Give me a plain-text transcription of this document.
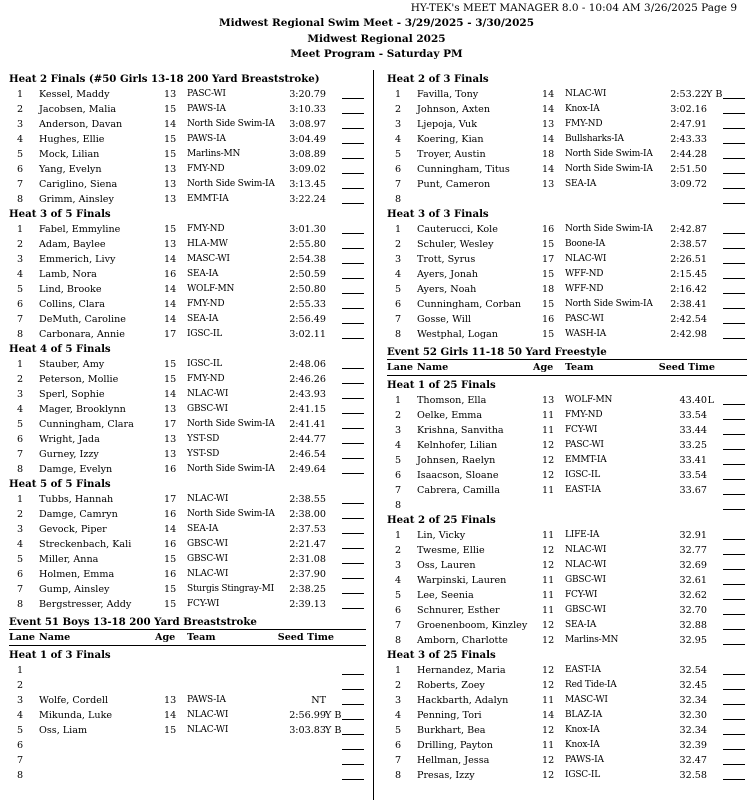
HY-TEK's MEET MANAGER 8.0 - 10:04 AM 3/26/2025 Page 9
Midwest Regional Swim Meet - 3/29/2025 - 3/30/2025
Midwest Regional 2025
Meet Program - Saturday PM
Heat 2 Finals (#50 Girls 13-18 200 Yard Breaststroke)
1	Kessel, Maddy	13 PASC-WI	3:20.79
2	Jacobsen, Malia	15 PAWS-IA	3:10.33
3	Anderson, Davan	14 North Side Swim-IA 3:08.97
4	Hughes, Ellie	15 PAWS-IA	3:04.49
5	Mock, Lilian	15 Marlins-MN	3:08.89
6	Yang, Evelyn	13 FMY-ND	3:09.02
7	Cariglino, Siena	13 North Side Swim-IA 3:13.45
8	Grimm, Ainsley	13 EMMT-IA	3:22.24
Heat 3 of 5 Finals
1	Fabel, Emmyline	15 FMY-ND	3:01.30
2	Adam, Baylee	13 HLA-MW	2:55.80
3	Emmerich, Livy	14 MASC-WI	2:54.38
4	Lamb, Nora	16 SEA-IA	2:50.59
5	Lind, Brooke	14 WOLF-MN	2:50.80
6	Collins, Clara	14 FMY-ND	2:55.33
7	DeMuth, Caroline	14 SEA-IA	2:56.49
8	Carbonara, Annie	17 IGSC-IL	3:02.11
Heat 4 of 5 Finals
1	Stauber, Amy	15 IGSC-IL	2:48.06
2	Peterson, Mollie	15 FMY-ND	2:46.26
3	Sperl, Sophie	14 NLAC-WI	2:43.93
4	Mager, Brooklynn	13 GBSC-WI	2:41.15
5	Cunningham, Clara	17 North Side Swim-IA 2:41.41
6	Wright, Jada	13 YST-SD	2:44.77
7	Gurney, Izzy	13 YST-SD	2:46.54
8	Damge, Evelyn	16 North Side Swim-IA 2:49.64
Heat 5 of 5 Finals
1	Tubbs, Hannah	17 NLAC-WI	2:38.55
2	Damge, Camryn	16 North Side Swim-IA 2:38.00
3	Gevock, Piper	14 SEA-IA	2:37.53
4	Streckenbach, Kali	16 GBSC-WI	2:21.47
5	Miller, Anna	15 GBSC-WI	2:31.08
6	Holmen, Emma	16 NLAC-WI	2:37.90
7	Gump, Ainsley	15 Sturgis Stingray-MI 2:38.25
8	Bergstresser, Addy	15 FCY-WI	2:39.13
Event 51 Boys 13-18 200 Yard Breaststroke
Lane Name	Age Team	Seed Time
Heat 1 of 3 Finals
1
2
3	Wolfe, Cordell	13 PAWS-IA	NT
4	Mikunda, Luke	14 NLAC-WI	2:56.99 Y B
5	Oss, Liam	15 NLAC-WI	3:03.83 Y B
6
7
8
Heat 2 of 3 Finals
1	Favilla, Tony	14 NLAC-WI	2:53.22 Y B
2	Johnson, Axten	14 Knox-IA	3:02.16
3	Ljepoja, Vuk	13 FMY-ND	2:47.91
4	Koering, Kian	14 Bullsharks-IA	2:43.33
5	Troyer, Austin	18 North Side Swim-IA 2:44.28
6	Cunningham, Titus	14 North Side Swim-IA 2:51.50
7	Punt, Cameron	13 SEA-IA	3:09.72
8
Heat 3 of 3 Finals
1	Cauterucci, Kole	16 North Side Swim-IA 2:42.87
2	Schuler, Wesley	15 Boone-IA	2:38.57
3	Trott, Syrus	17 NLAC-WI	2:26.51
4	Ayers, Jonah	15 WFF-ND	2:15.45
5	Ayers, Noah	18 WFF-ND	2:16.42
6	Cunningham, Corban 15 North Side Swim-IA 2:38.41
7	Gosse, Will	16 PASC-WI	2:42.54
8	Westphal, Logan	15 WASH-IA	2:42.98
Event 52 Girls 11-18 50 Yard Freestyle
Lane Name	Age Team	Seed Time
Heat 1 of 25 Finals
1	Thomson, Ella	13 WOLF-MN	43.40 L
2	Oelke, Emma	11 FMY-ND	33.54
3	Krishna, Sanvitha	11 FCY-WI	33.44
4	Kelnhofer, Lilian	12 PASC-WI	33.25
5	Johnsen, Raelyn	12 EMMT-IA	33.41
6	Isaacson, Sloane	12 IGSC-IL	33.54
7	Cabrera, Camilla	11 EAST-IA	33.67
8
Heat 2 of 25 Finals
1	Lin, Vicky	11 LIFE-IA	32.91
2	Twesme, Ellie	12 NLAC-WI	32.77
3	Oss, Lauren	12 NLAC-WI	32.69
4	Warpinski, Lauren	11 GBSC-WI	32.61
5	Lee, Seenia	11 FCY-WI	32.62
6	Schnurer, Esther	11 GBSC-WI	32.70
7	Groenenboom, Kinzley 12 SEA-IA	32.88
8	Amborn, Charlotte	12 Marlins-MN	32.95
Heat 3 of 25 Finals
1	Hernandez, Maria	12 EAST-IA	32.54
2	Roberts, Zoey	12 Red Tide-IA	32.45
3	Hackbarth, Adalyn	11 MASC-WI	32.34
4	Penning, Tori	14 BLAZ-IA	32.30
5	Burkhart, Bea	12 Knox-IA	32.34
6	Drilling, Payton	11 Knox-IA	32.39
7	Hellman, Jessa	12 PAWS-IA	32.47
8	Presas, Izzy	12 IGSC-IL	32.58
